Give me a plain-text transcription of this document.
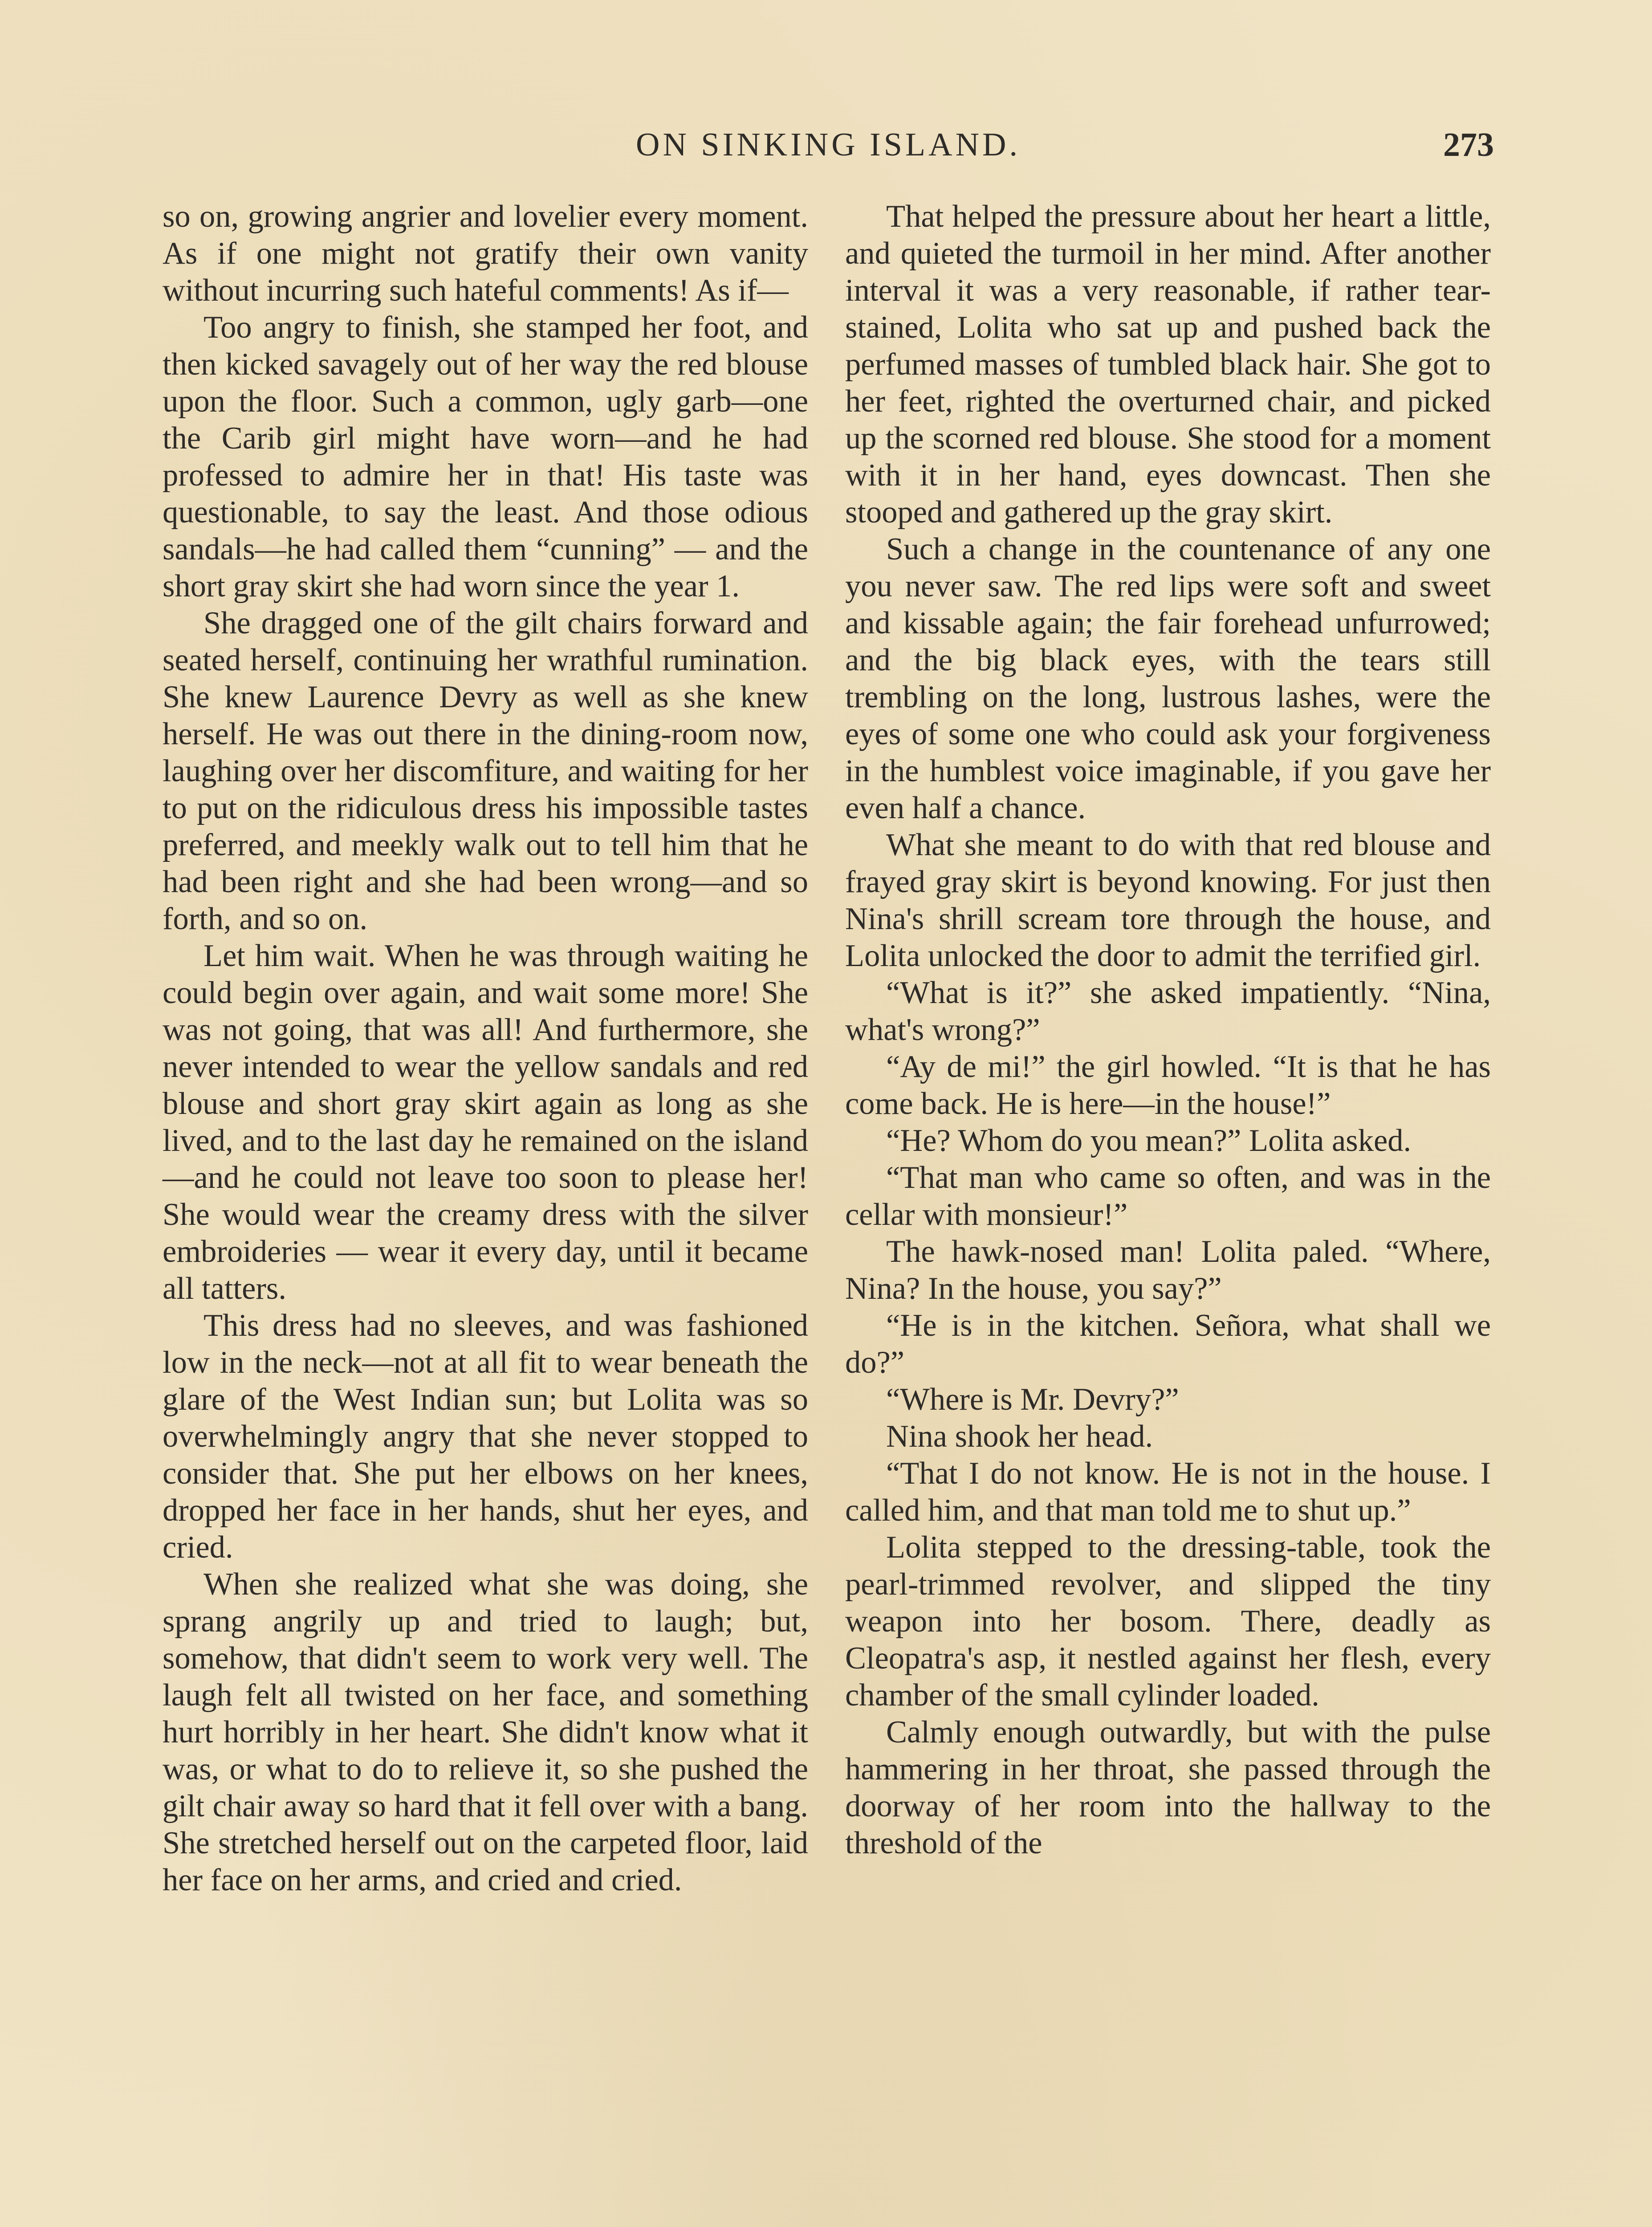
ON SINKING ISLAND.	273

so on, growing angrier and lovelier every moment. As if one might not gratify their own vanity without incurring such hateful comments! As if—

Too angry to finish, she stamped her foot, and then kicked savagely out of her way the red blouse upon the floor. Such a common, ugly garb—one the Carib girl might have worn—and he had professed to admire her in that! His taste was questionable, to say the least. And those odious sandals—he had called them “cunning” — and the short gray skirt she had worn since the year 1.

She dragged one of the gilt chairs forward and seated herself, continuing her wrathful rumination. She knew Laurence Devry as well as she knew herself. He was out there in the dining-room now, laughing over her discomfiture, and waiting for her to put on the ridiculous dress his impossible tastes preferred, and meekly walk out to tell him that he had been right and she had been wrong—and so forth, and so on.

Let him wait. When he was through waiting he could begin over again, and wait some more! She was not going, that was all! And furthermore, she never intended to wear the yellow sandals and red blouse and short gray skirt again as long as she lived, and to the last day he remained on the island—and he could not leave too soon to please her! She would wear the creamy dress with the silver embroideries — wear it every day, until it became all tatters.

This dress had no sleeves, and was fashioned low in the neck—not at all fit to wear beneath the glare of the West Indian sun; but Lolita was so overwhelmingly angry that she never stopped to consider that. She put her elbows on her knees, dropped her face in her hands, shut her eyes, and cried.

When she realized what she was doing, she sprang angrily up and tried to laugh; but, somehow, that didn't seem to work very well. The laugh felt all twisted on her face, and something hurt horribly in her heart. She didn't know what it was, or what to do to relieve it, so she pushed the gilt chair away so hard that it fell over with a bang. She stretched herself out on the carpeted floor, laid her face on her arms, and cried and cried.

That helped the pressure about her heart a little, and quieted the turmoil in her mind. After another interval it was a very reasonable, if rather tear-stained, Lolita who sat up and pushed back the perfumed masses of tumbled black hair. She got to her feet, righted the overturned chair, and picked up the scorned red blouse. She stood for a moment with it in her hand, eyes downcast. Then she stooped and gathered up the gray skirt.

Such a change in the countenance of any one you never saw. The red lips were soft and sweet and kissable again; the fair forehead unfurrowed; and the big black eyes, with the tears still trembling on the long, lustrous lashes, were the eyes of some one who could ask your forgiveness in the humblest voice imaginable, if you gave her even half a chance.

What she meant to do with that red blouse and frayed gray skirt is beyond knowing. For just then Nina's shrill scream tore through the house, and Lolita unlocked the door to admit the terrified girl.

“What is it?” she asked impatiently. “Nina, what's wrong?”

“Ay de mi!” the girl howled. “It is that he has come back. He is here—in the house!”

“He? Whom do you mean?” Lolita asked.

“That man who came so often, and was in the cellar with monsieur!”

The hawk-nosed man! Lolita paled. “Where, Nina? In the house, you say?”

“He is in the kitchen. Señora, what shall we do?”

“Where is Mr. Devry?”

Nina shook her head.

“That I do not know. He is not in the house. I called him, and that man told me to shut up.”

Lolita stepped to the dressing-table, took the pearl-trimmed revolver, and slipped the tiny weapon into her bosom. There, deadly as Cleopatra's asp, it nestled against her flesh, every chamber of the small cylinder loaded.

Calmly enough outwardly, but with the pulse hammering in her throat, she passed through the doorway of her room into the hallway to the threshold of the
